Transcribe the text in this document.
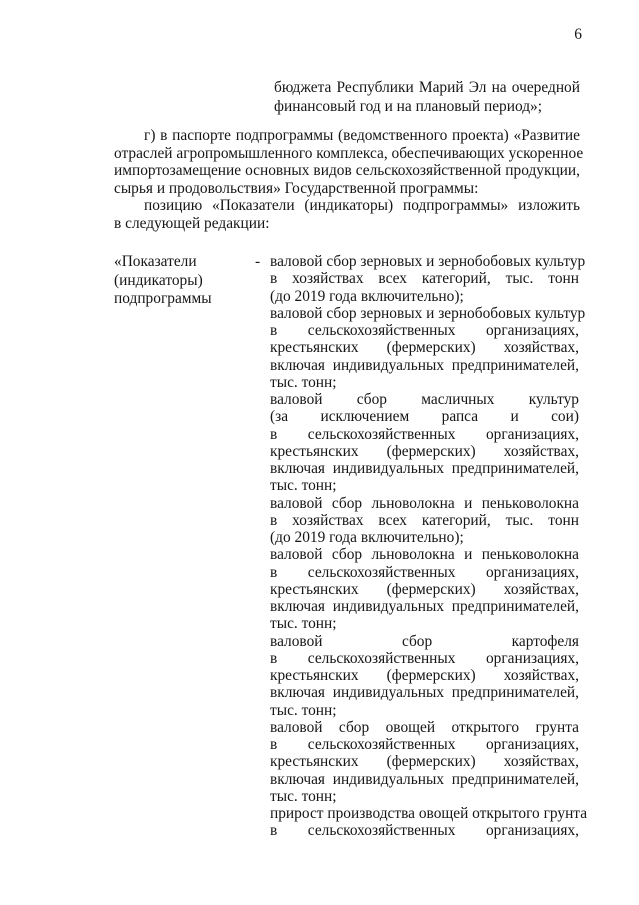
6
бюджета Республики Марий Эл на очередной
финансовый год и на плановый период»;
г) в паспорте подпрограммы (ведомственного проекта) «Развитие
отраслей агропромышленного комплекса, обеспечивающих ускоренное
импортозамещение основных видов сельскохозяйственной продукции,
сырья и продовольствия» Государственной программы:
позицию «Показатели (индикаторы) подпрограммы» изложить
в следующей редакции:
«Показатели
(индикаторы)
подпрограммы
- валовой сбор зерновых и зернобобовых культур
в хозяйствах всех категорий, тыс. тонн
(до 2019 года включительно);
валовой сбор зерновых и зернобобовых культур
в сельскохозяйственных организациях,
крестьянских (фермерских) хозяйствах,
включая индивидуальных предпринимателей,
тыс. тонн;
валовой сбор масличных культур
(за исключением рапса и сои)
в сельскохозяйственных организациях,
крестьянских (фермерских) хозяйствах,
включая индивидуальных предпринимателей,
тыс. тонн;
валовой сбор льноволокна и пеньковолокна
в хозяйствах всех категорий, тыс. тонн
(до 2019 года включительно);
валовой сбор льноволокна и пеньковолокна
в сельскохозяйственных организациях,
крестьянских (фермерских) хозяйствах,
включая индивидуальных предпринимателей,
тыс. тонн;
валовой сбор картофеля
в сельскохозяйственных организациях,
крестьянских (фермерских) хозяйствах,
включая индивидуальных предпринимателей,
тыс. тонн;
валовой сбор овощей открытого грунта
в сельскохозяйственных организациях,
крестьянских (фермерских) хозяйствах,
включая индивидуальных предпринимателей,
тыс. тонн;
прирост производства овощей открытого грунта
в сельскохозяйственных организациях,
